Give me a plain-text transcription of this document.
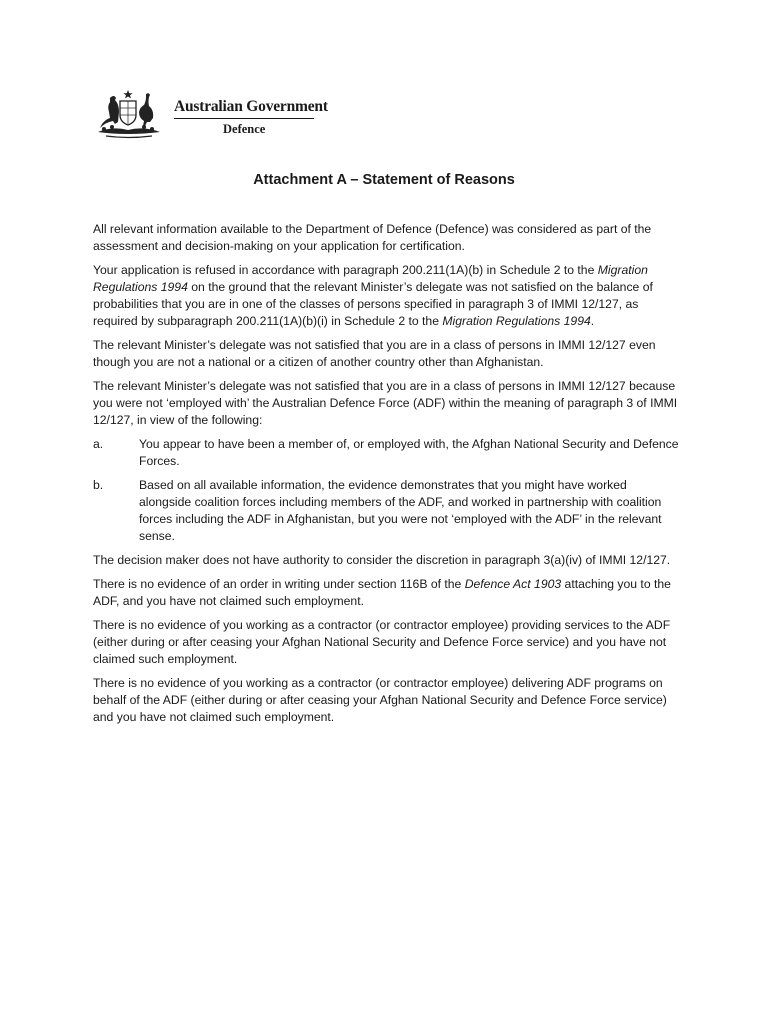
Australian Government
Defence
Attachment A – Statement of Reasons

All relevant information available to the Department of Defence (Defence) was considered as part of the assessment and decision-making on your application for certification.

Your application is refused in accordance with paragraph 200.211(1A)(b) in Schedule 2 to the Migration Regulations 1994 on the ground that the relevant Minister’s delegate was not satisfied on the balance of probabilities that you are in one of the classes of persons specified in paragraph 3 of IMMI 12/127, as required by subparagraph 200.211(1A)(b)(i) in Schedule 2 to the Migration Regulations 1994.

The relevant Minister’s delegate was not satisfied that you are in a class of persons in IMMI 12/127 even though you are not a national or a citizen of another country other than Afghanistan.

The relevant Minister’s delegate was not satisfied that you are in a class of persons in IMMI 12/127 because you were not ‘employed with’ the Australian Defence Force (ADF) within the meaning of paragraph 3 of IMMI 12/127, in view of the following:

a.	You appear to have been a member of, or employed with, the Afghan National Security and Defence Forces.
b.	Based on all available information, the evidence demonstrates that you might have worked alongside coalition forces including members of the ADF, and worked in partnership with coalition forces including the ADF in Afghanistan, but you were not ‘employed with the ADF’ in the relevant sense.

The decision maker does not have authority to consider the discretion in paragraph 3(a)(iv) of IMMI 12/127.

There is no evidence of an order in writing under section 116B of the Defence Act 1903 attaching you to the ADF, and you have not claimed such employment.

There is no evidence of you working as a contractor (or contractor employee) providing services to the ADF (either during or after ceasing your Afghan National Security and Defence Force service) and you have not claimed such employment.

There is no evidence of you working as a contractor (or contractor employee) delivering ADF programs on behalf of the ADF (either during or after ceasing your Afghan National Security and Defence Force service) and you have not claimed such employment.
